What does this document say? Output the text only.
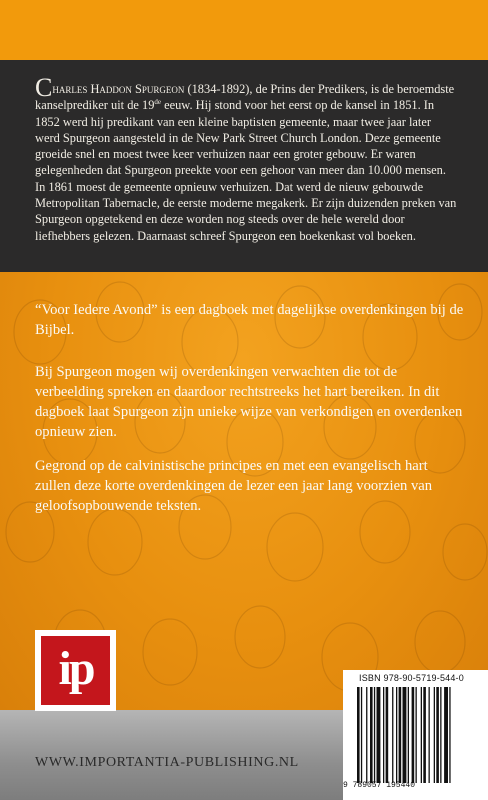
Charles Haddon Spurgeon (1834-1892), de Prins der Predikers, is de beroemdste kanselprediker uit de 19de eeuw. Hij stond voor het eerst op de kansel in 1851. In 1852 werd hij predikant van een kleine baptisten gemeente, maar twee jaar later werd Spurgeon aangesteld in de New Park Street Church London. Deze gemeente groeide snel en moest twee keer verhuizen naar een groter gebouw. Er waren gelegenheden dat Spurgeon preekte voor een gehoor van meer dan 10.000 mensen. In 1861 moest de gemeente opnieuw verhuizen. Dat werd de nieuw gebouwde Metropolitan Tabernacle, de eerste moderne megakerk. Er zijn duizenden preken van Spurgeon opgetekend en deze worden nog steeds over de hele wereld door liefhebbers gelezen. Daarnaast schreef Spurgeon een boekenkast vol boeken.

“Voor Iedere Avond” is een dagboek met dagelijkse overdenkingen bij de Bijbel.

Bij Spurgeon mogen wij overdenkingen verwachten die tot de verbeelding spreken en daardoor rechtstreeks het hart bereiken. In dit dagboek laat Spurgeon zijn unieke wijze van verkondigen en overdenken opnieuw zien.

Gegrond op de calvinistische principes en met een evangelisch hart zullen deze korte overdenkingen de lezer een jaar lang voorzien van geloofsopbouwende teksten.

ip
WWW.IMPORTANTIA-PUBLISHING.NL
ISBN 978-90-5719-544-0
9 789057 195440
